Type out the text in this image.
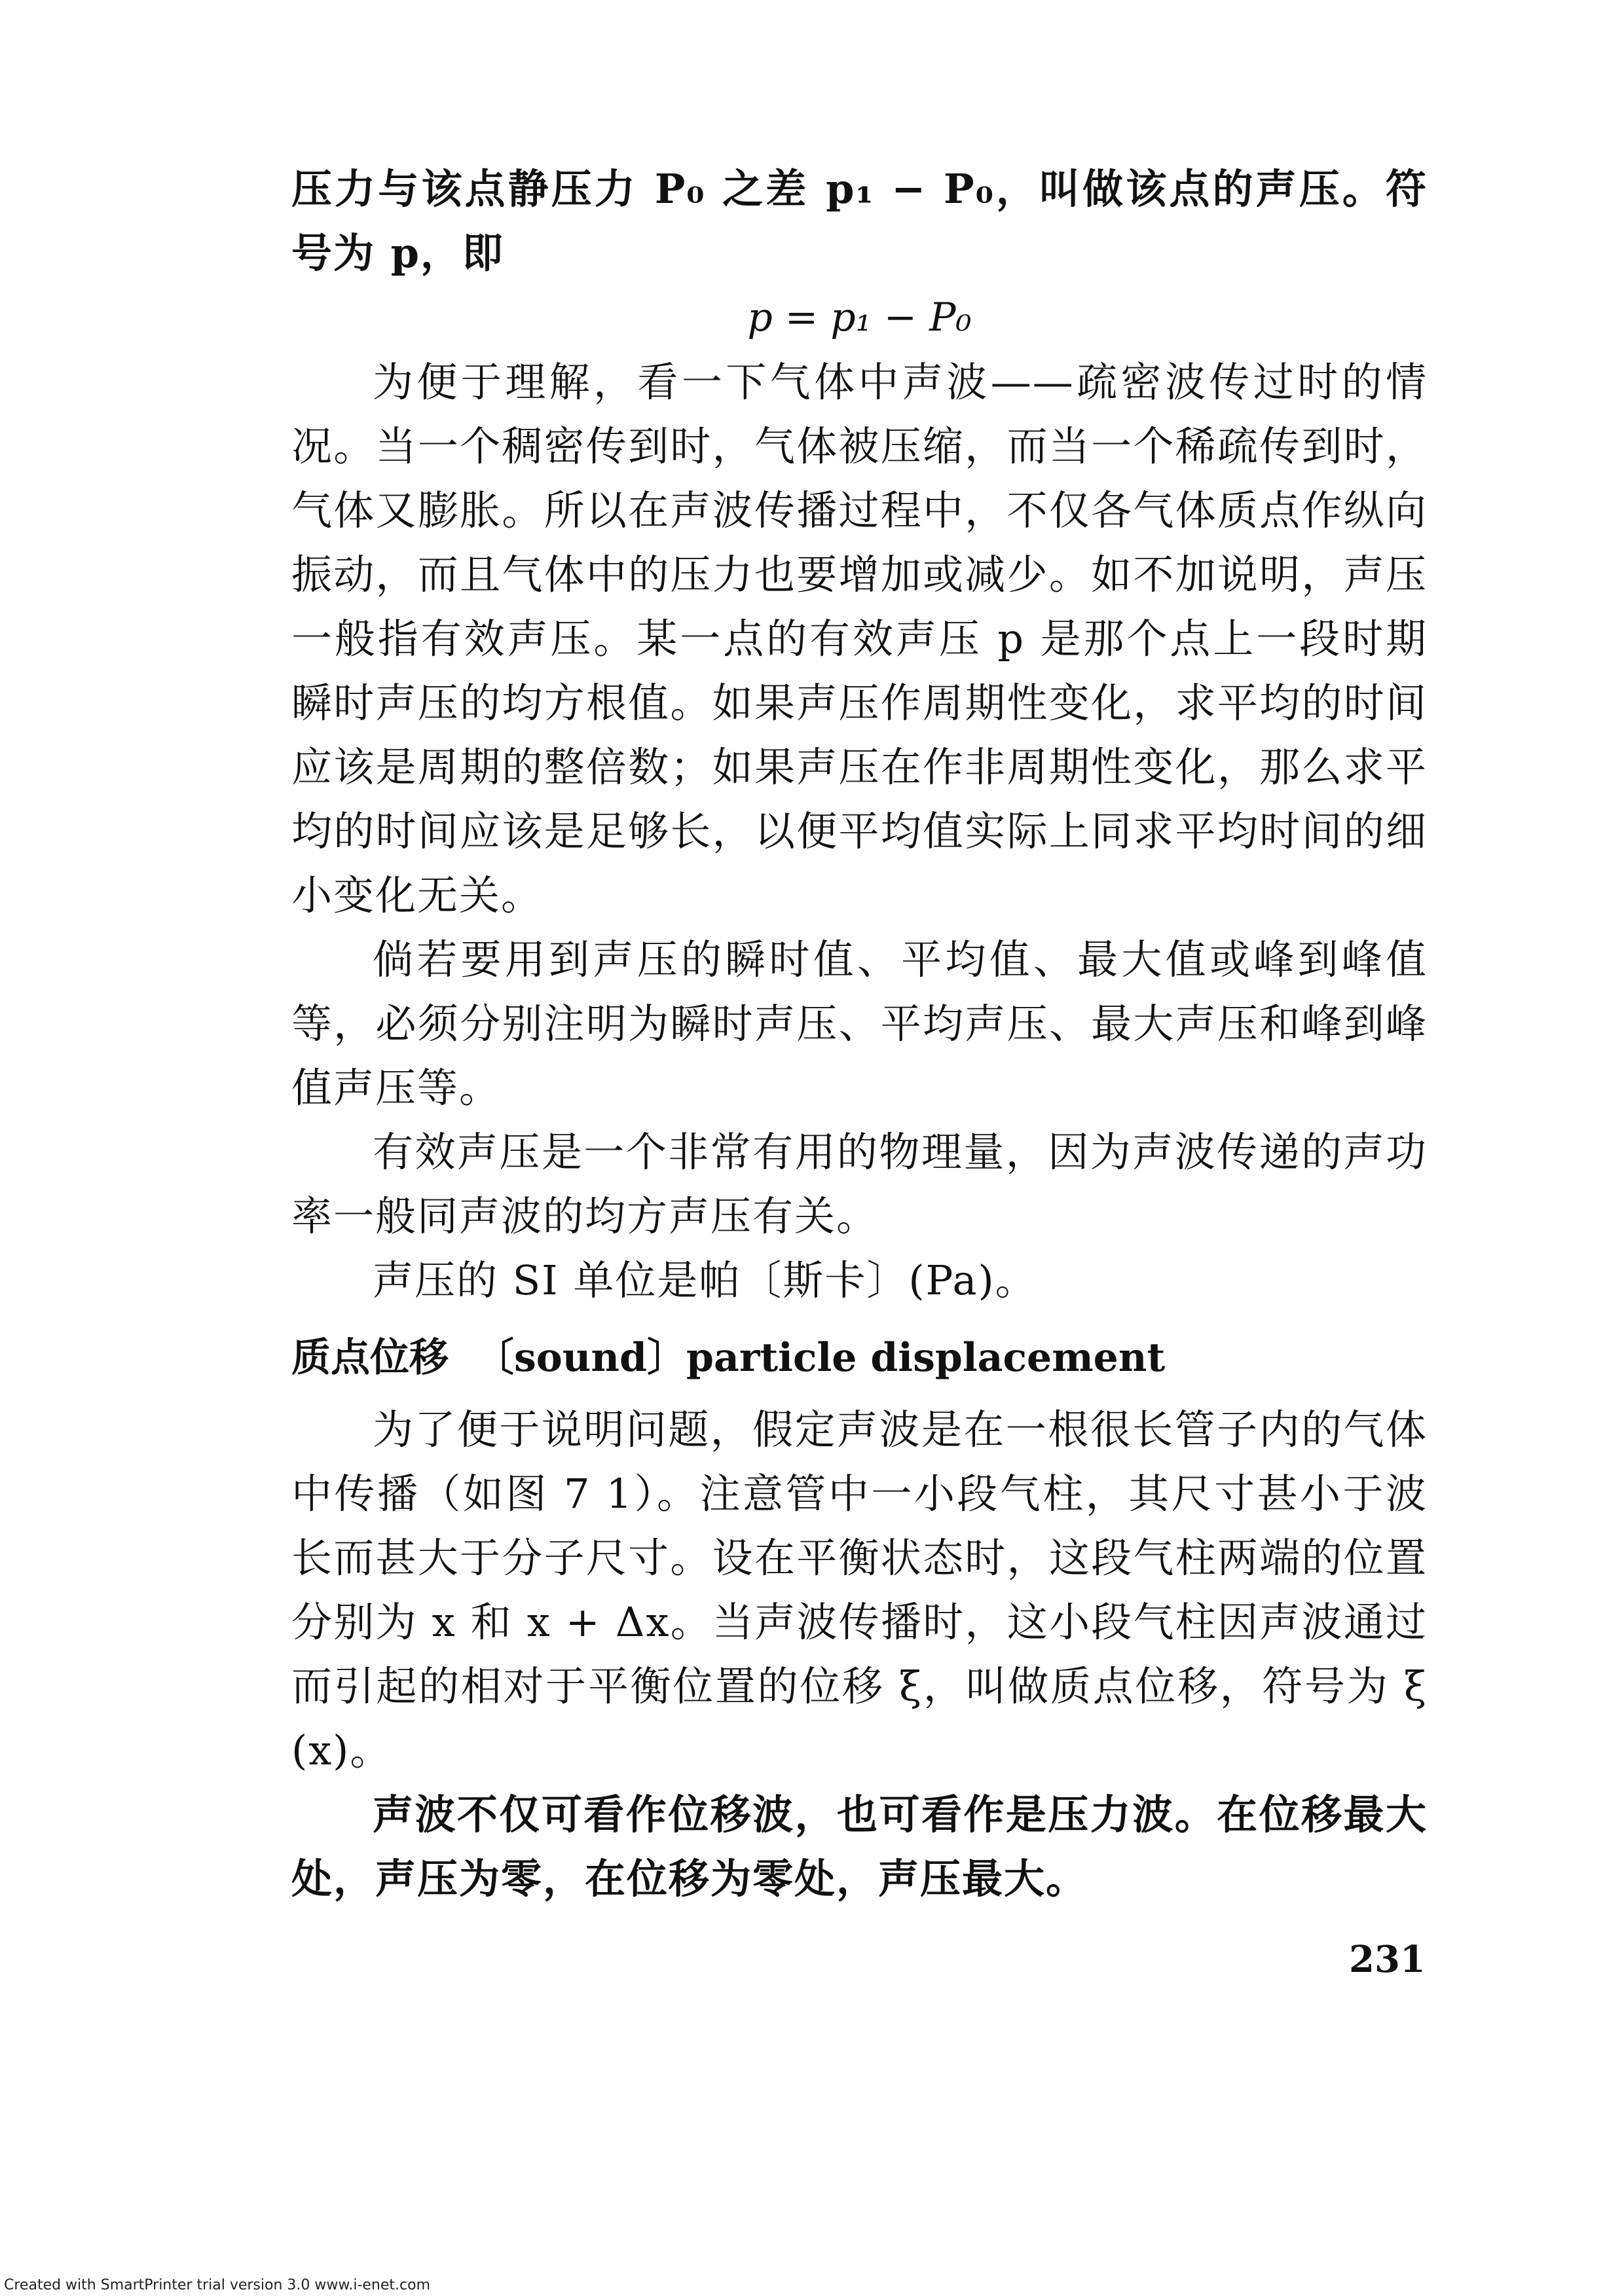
压力与该点静压力 P₀ 之差 p₁ − P₀，叫做该点的声压。符号为 p，即

p = p₁ − P₀

为便于理解，看一下气体中声波——疏密波传过时的情况。当一个稠密传到时，气体被压缩，而当一个稀疏传到时，气体又膨胀。所以在声波传播过程中，不仅各气体质点作纵向振动，而且气体中的压力也要增加或减少。如不加说明，声压一般指有效声压。某一点的有效声压 p 是那个点上一段时期瞬时声压的均方根值。如果声压作周期性变化，求平均的时间应该是周期的整倍数；如果声压在作非周期性变化，那么求平均的时间应该是足够长，以便平均值实际上同求平均时间的细小变化无关。

倘若要用到声压的瞬时值、平均值、最大值或峰到峰值等，必须分别注明为瞬时声压、平均声压、最大声压和峰到峰值声压等。

有效声压是一个非常有用的物理量，因为声波传递的声功率一般同声波的均方声压有关。

声压的 SI 单位是帕〔斯卡〕(Pa)。

质点位移 〔sound〕particle displacement

为了便于说明问题，假定声波是在一根很长管子内的气体中传播（如图 7 1）。注意管中一小段气柱，其尺寸甚小于波长而甚大于分子尺寸。设在平衡状态时，这段气柱两端的位置分别为 x 和 x + Δx。当声波传播时，这小段气柱因声波通过而引起的相对于平衡位置的位移 ξ，叫做质点位移，符号为 ξ (x)。

声波不仅可看作位移波，也可看作是压力波。在位移最大处，声压为零，在位移为零处，声压最大。

231
Created with SmartPrinter trial version 3.0 www.i-enet.com
